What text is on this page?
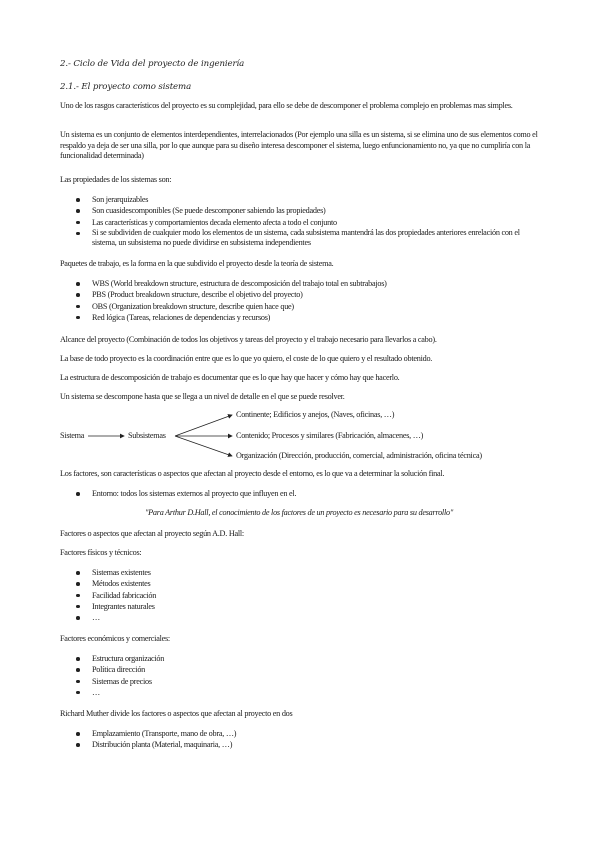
2.- Ciclo de Vida del proyecto de ingeniería
2.1.- El proyecto como sistema
Uno de los rasgos característicos del proyecto es su complejidad, para ello se debe de descomponer el problema complejo en problemas mas simples.
Un sistema es un conjunto de elementos interdependientes, interrelacionados (Por ejemplo una silla es un sistema, si se elimina uno de sus elementos como el respaldo ya deja de ser una silla, por lo que aunque para su diseño interesa descomponer el sistema, luego enfuncionamiento no, ya que no cumpliría con la funcionalidad determinada)
Las propiedades de los sistemas son:
Son jerarquizables
Son cuasidescomponibles (Se puede descomponer sabiendo las propiedades)
Las características y comportamientos decada elemento afecta a todo el conjunto
Si se subdividen de cualquier modo los elementos de un sistema, cada subsistema mantendrá las dos propiedades anteriores enrelación con el sistema, un subsistema no puede dividirse en subsistema independientes
Paquetes de trabajo, es la forma en la que subdivido el proyecto desde la teoría de sistema.
WBS (World breakdown structure, estructura de descomposición del trabajo total en subtrabajos)
PBS (Product breakdown structure, describe el objetivo del proyecto)
OBS (Organization breakdown structure, describe quien hace que)
Red lógica (Tareas, relaciones de dependencias y recursos)
Alcance del proyecto (Combinación de todos los objetivos y tareas del proyecto y el trabajo necesario para llevarlos a cabo).
La base de todo proyecto es la coordinación entre que es lo que yo quiero, el coste de lo que quiero y el resultado obtenido.
La estructura de descomposición de trabajo es documentar que es lo que hay que hacer y cómo hay que hacerlo.
Un sistema se descompone hasta que se llega a un nivel de detalle en el que se puede resolver.
Sistema	Subsistemas
Continente; Edificios y anejos, (Naves, oficinas, …)
Contenido; Procesos y similares (Fabricación, almacenes, …)
Organización (Dirección, producción, comercial, administración, oficina técnica)
Los factores, son características o aspectos que afectan al proyecto desde el entorno, es lo que va a determinar la solución final.
Entorno: todos los sistemas externos al proyecto que influyen en el.
"Para Arthur D.Hall, el conocimiento de los factores de un proyecto es necesario para su desarrollo"
Factores o aspectos que afectan al proyecto según A.D. Hall:
Factores físicos y técnicos:
Sistemas existentes
Métodos existentes
Facilidad fabricación
Integrantes naturales
…
Factores económicos y comerciales:
Estructura organización
Política dirección
Sistemas de precios
…
Richard Muther divide los factores o aspectos que afectan al proyecto en dos
Emplazamiento (Transporte, mano de obra, …)
Distribución planta (Material, maquinaria, …)
